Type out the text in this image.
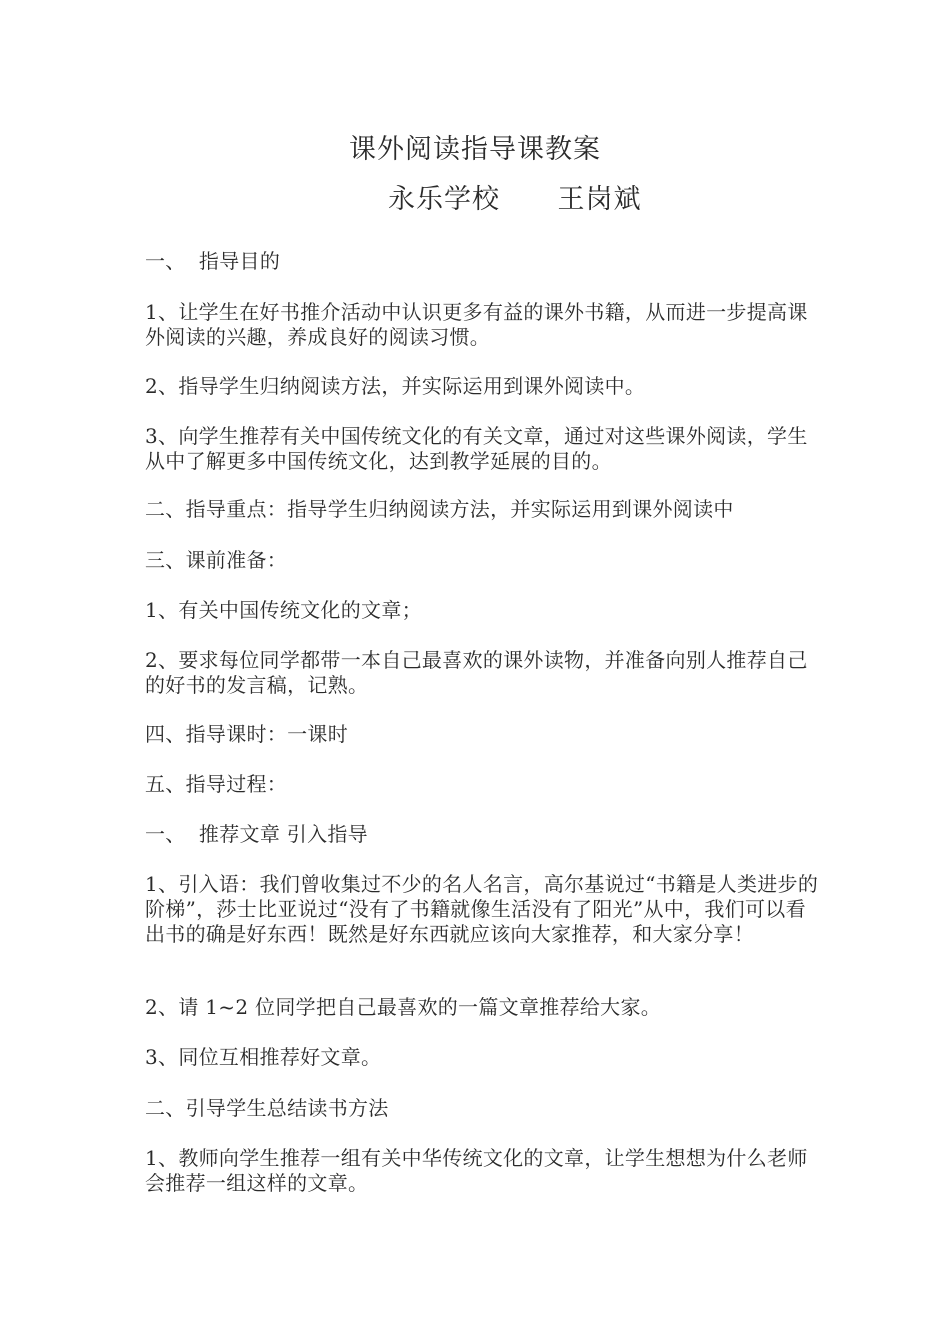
课外阅读指导课教案
永乐学校      王岗斌

一、  指导目的

1、让学生在好书推介活动中认识更多有益的课外书籍，从而进一步提高课外阅读的兴趣，养成良好的阅读习惯。

2、指导学生归纳阅读方法，并实际运用到课外阅读中。

3、向学生推荐有关中国传统文化的有关文章，通过对这些课外阅读，学生从中了解更多中国传统文化，达到教学延展的目的。

二、指导重点：指导学生归纳阅读方法，并实际运用到课外阅读中

三、课前准备：

1、有关中国传统文化的文章；

2、要求每位同学都带一本自己最喜欢的课外读物，并准备向别人推荐自己的好书的发言稿，记熟。

四、指导课时：一课时

五、指导过程：

一、  推荐文章 引入指导

1、引入语：我们曾收集过不少的名人名言，高尔基说过“书籍是人类进步的阶梯”，莎士比亚说过“没有了书籍就像生活没有了阳光”从中，我们可以看出书的确是好东西！既然是好东西就应该向大家推荐，和大家分享！

2、请 1~2 位同学把自己最喜欢的一篇文章推荐给大家。

3、同位互相推荐好文章。

二、引导学生总结读书方法

1、教师向学生推荐一组有关中华传统文化的文章，让学生想想为什么老师会推荐一组这样的文章。
